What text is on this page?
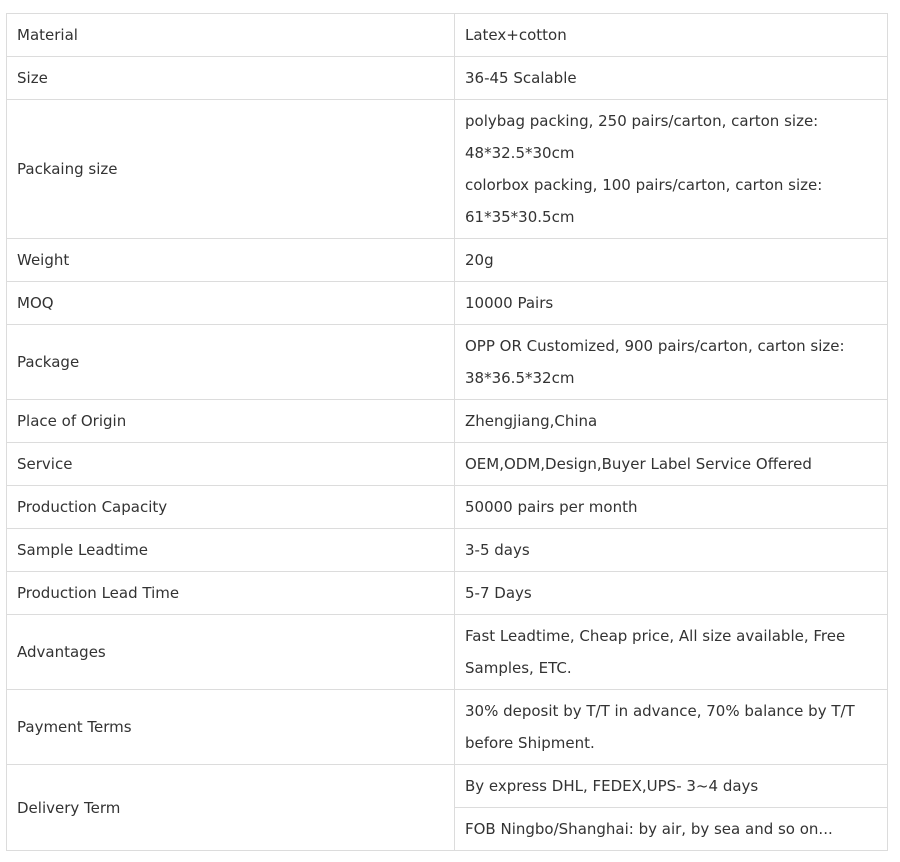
Material	Latex+cotton

Size	36-45 Scalable

Packaing size	polybag packing, 250 pairs/carton, carton size:
48*32.5*30cm
colorbox packing, 100 pairs/carton, carton size:
61*35*30.5cm

Weight	20g

MOQ	10000 Pairs

Package	OPP OR Customized, 900 pairs/carton, carton size:
38*36.5*32cm

Place of Origin	Zhengjiang,China

Service	OEM,ODM,Design,Buyer Label Service Offered

Production Capacity	50000 pairs per month

Sample Leadtime	3-5 days

Production Lead Time	5-7 Days

Advantages	Fast Leadtime, Cheap price, All size available, Free
Samples, ETC.

Payment Terms	30% deposit by T/T in advance, 70% balance by T/T
before Shipment.

Delivery Term	By express DHL, FEDEX,UPS- 3~4 days

	FOB Ningbo/Shanghai: by air, by sea and so on...
